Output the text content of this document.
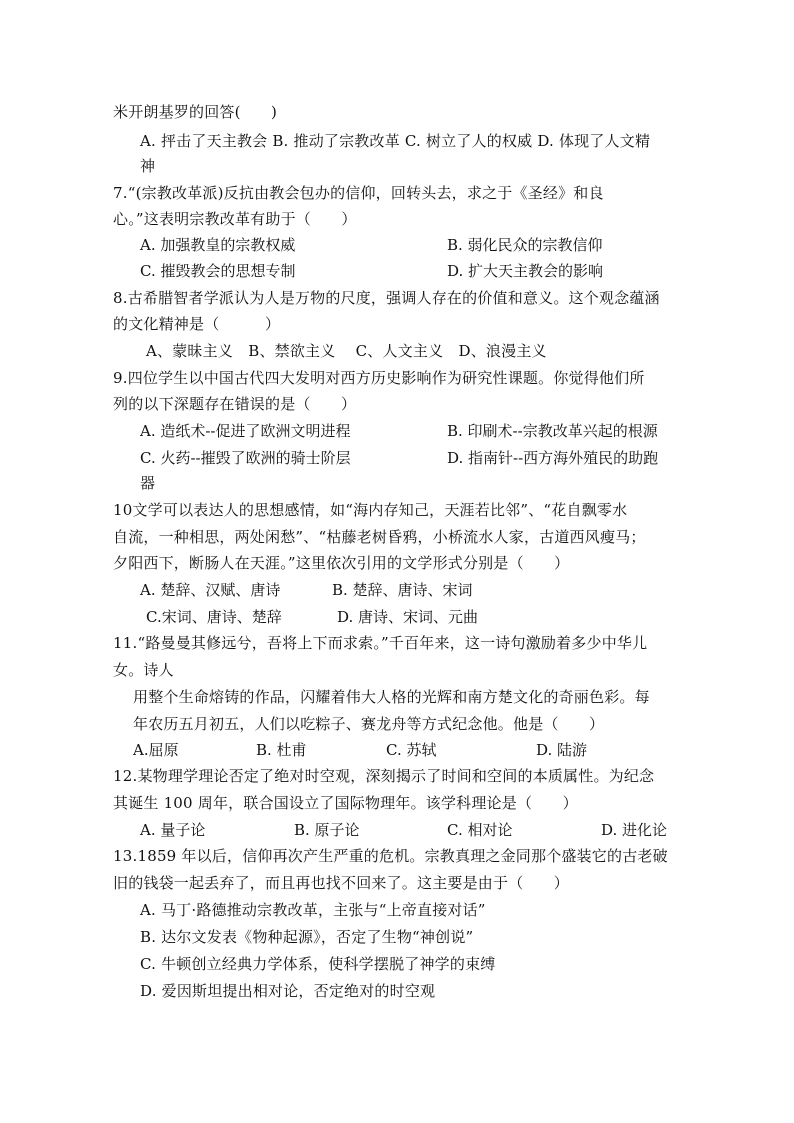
米开朗基罗的回答(　　)
A. 抨击了天主教会 B. 推动了宗教改革 C. 树立了人的权威 D. 体现了人文精
神
7.“(宗教改革派)反抗由教会包办的信仰，回转头去，求之于《圣经》和良
心。”这表明宗教改革有助于（　　）
A. 加强教皇的宗教权威	B. 弱化民众的宗教信仰
C. 摧毁教会的思想专制	D. 扩大天主教会的影响
8.古希腊智者学派认为人是万物的尺度，强调人存在的价值和意义。这个观念蕴涵
的文化精神是（　　　）
A、蒙昧主义　B、禁欲主义　 C、人文主义　D、浪漫主义
9.四位学生以中国古代四大发明对西方历史影响作为研究性课题。你觉得他们所
列的以下深题存在错误的是（　　）
A. 造纸术--促进了欧洲文明进程	B. 印刷术--宗教改革兴起的根源
C. 火药--摧毁了欧洲的骑士阶层	D. 指南针--西方海外殖民的助跑
器
10文学可以表达人的思想感情，如“海内存知己，天涯若比邻”、“花自飘零水
自流，一种相思，两处闲愁”、“枯藤老树昏鸦，小桥流水人家，古道西风瘦马；
夕阳西下，断肠人在天涯。”这里依次引用的文学形式分别是（　　）
A. 楚辞、汉赋、唐诗	B. 楚辞、唐诗、宋词
C.宋词、唐诗、楚辞	D. 唐诗、宋词、元曲
11.“路曼曼其修远兮，吾将上下而求索。”千百年来，这一诗句激励着多少中华儿
女。诗人
用整个生命熔铸的作品，闪耀着伟大人格的光辉和南方楚文化的奇丽色彩。每
年农历五月初五，人们以吃粽子、赛龙舟等方式纪念他。他是（　　）
A.屈原	B. 杜甫	C. 苏轼	D. 陆游
12.某物理学理论否定了绝对时空观，深刻揭示了时间和空间的本质属性。为纪念
其诞生 100 周年，联合国设立了国际物理年。该学科理论是（　　）
A. 量子论	B. 原子论	C. 相对论	D. 进化论
13.1859 年以后，信仰再次产生严重的危机。宗教真理之金同那个盛装它的古老破
旧的钱袋一起丢弃了，而且再也找不回来了。这主要是由于（　　）
A. 马丁·路德推动宗教改革，主张与“上帝直接对话”
B. 达尔文发表《物种起源》，否定了生物“神创说”
C. 牛顿创立经典力学体系，使科学摆脱了神学的束缚
D. 爱因斯坦提出相对论，否定绝对的时空观
